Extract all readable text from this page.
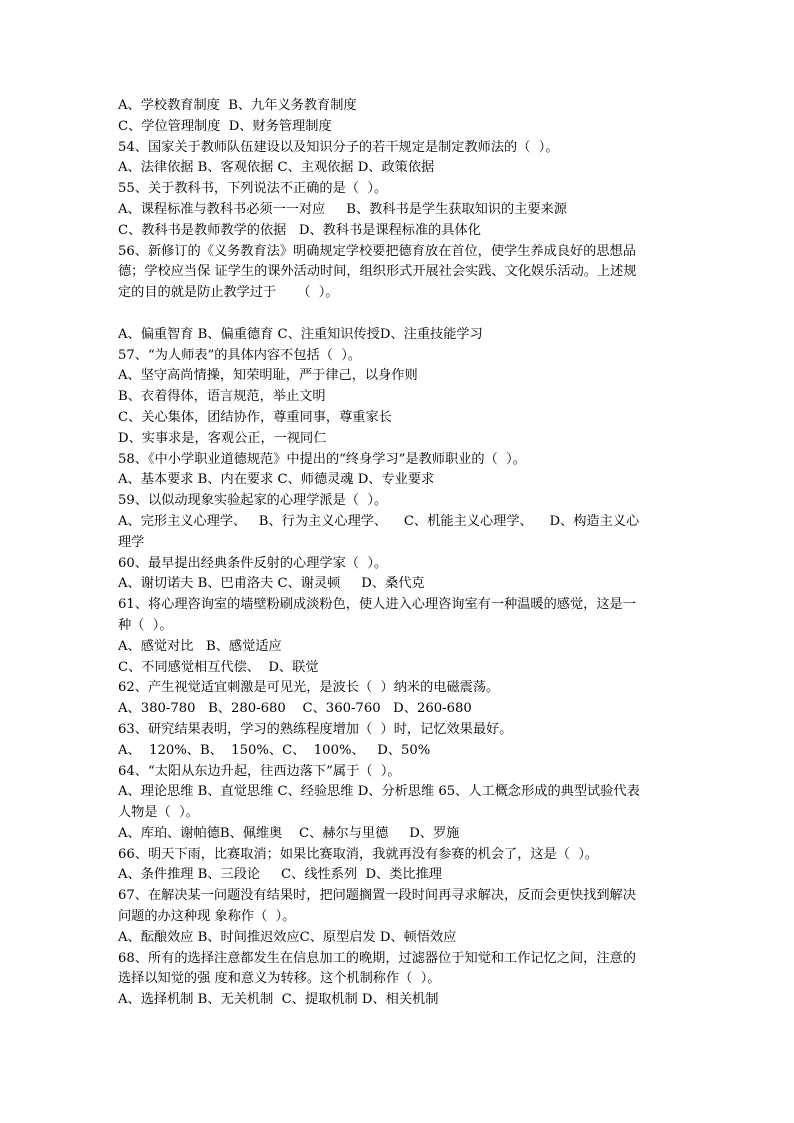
A、学校教育制度  B、九年义务教育制度
C、学位管理制度  D、财务管理制度
54、国家关于教师队伍建设以及知识分子的若干规定是制定教师法的（  ）。
A、法律依据 B、客观依据 C、主观依据 D、政策依据
55、关于教科书，下列说法不正确的是（  ）。
A、课程标准与教科书必须一一对应     B、教科书是学生获取知识的主要来源
C、教科书是教师教学的依据   D、教科书是课程标准的具体化
56、新修订的《义务教育法》明确规定学校要把德育放在首位，使学生养成良好的思想品
德；学校应当保 证学生的课外活动时间，组织形式开展社会实践、文化娱乐活动。上述规
定的目的就是防止教学过于     （  ）。
A、偏重智育 B、偏重德育 C、注重知识传授D、注重技能学习
57、“为人师表”的具体内容不包括（  ）。
A、坚守高尚情操，知荣明耻，严于律己，以身作则
B、衣着得体，语言规范，举止文明
C、关心集体，团结协作，尊重同事，尊重家长
D、实事求是，客观公正，一视同仁
58、《中小学职业道德规范》中提出的“终身学习”是教师职业的（  ）。
A、基本要求 B、内在要求 C、师德灵魂 D、专业要求
59、以似动现象实验起家的心理学派是（  ）。
A、完形主义心理学、   B、行为主义心理学、    C、机能主义心理学、    D、构造主义心
理学
60、最早提出经典条件反射的心理学家（  ）。
A、谢切诺夫 B、巴甫洛夫 C、谢灵顿     D、桑代克
61、将心理咨询室的墙壁粉刷成淡粉色，使人进入心理咨询室有一种温暖的感觉，这是一
种（  ）。
A、感觉对比   B、感觉适应
C、不同感觉相互代偿、  D、联觉
62、产生视觉适宜刺激是可见光，是波长（  ）纳米的电磁震荡。
A、380-780   B、280-680    C、360-760   D、260-680
63、研究结果表明，学习的熟练程度增加（  ）时，记忆效果最好。
A、  120%、B、  150%、C、  100%、   D、50%
64、“太阳从东边升起，往西边落下”属于（  ）。
A、理论思维 B、直觉思维 C、经验思维 D、分析思维 65、人工概念形成的典型试验代表
人物是（  ）。
A、库珀、谢帕德B、佩维奥    C、赫尔与里德     D、罗施
66、明天下雨，比赛取消；如果比赛取消，我就再没有参赛的机会了，这是（  ）。
A、条件推理 B、三段论     C、线性系列  D、类比推理
67、在解决某一问题没有结果时，把问题搁置一段时间再寻求解决，反而会更快找到解决
问题的办这种现 象称作（  ）。
A、酝酿效应 B、时间推迟效应C、原型启发 D、顿悟效应
68、所有的选择注意都发生在信息加工的晚期，过滤器位于知觉和工作记忆之间，注意的
选择以知觉的强 度和意义为转移。这个机制称作（  ）。
A、选择机制 B、无关机制  C、提取机制 D、相关机制
